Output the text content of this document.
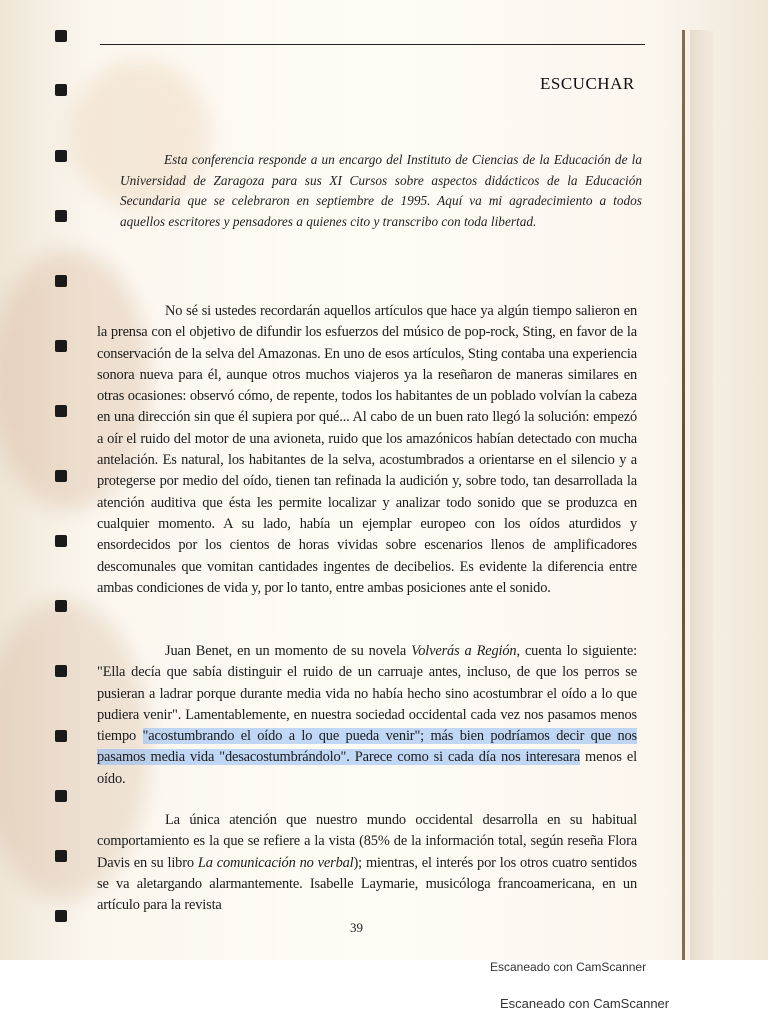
ESCUCHAR

Esta conferencia responde a un encargo del Instituto de Ciencias de la Educación de la Universidad de Zaragoza para sus XI Cursos sobre aspectos didácticos de la Educación Secundaria que se celebraron en septiembre de 1995. Aquí va mi agradecimiento a todos aquellos escritores y pensadores a quienes cito y transcribo con toda libertad.

No sé si ustedes recordarán aquellos artículos que hace ya algún tiempo salieron en la prensa con el objetivo de difundir los esfuerzos del músico de pop-rock, Sting, en favor de la conservación de la selva del Amazonas. En uno de esos artículos, Sting contaba una experiencia sonora nueva para él, aunque otros muchos viajeros ya la reseñaron de maneras similares en otras ocasiones: observó cómo, de repente, todos los habitantes de un poblado volvían la cabeza en una dirección sin que él supiera por qué... Al cabo de un buen rato llegó la solución: empezó a oír el ruido del motor de una avioneta, ruido que los amazónicos habían detectado con mucha antelación. Es natural, los habitantes de la selva, acostumbrados a orientarse en el silencio y a protegerse por medio del oído, tienen tan refinada la audición y, sobre todo, tan desarrollada la atención auditiva que ésta les permite localizar y analizar todo sonido que se produzca en cualquier momento. A su lado, había un ejemplar europeo con los oídos aturdidos y ensordecidos por los cientos de horas vividas sobre escenarios llenos de amplificadores descomunales que vomitan cantidades ingentes de decibelios. Es evidente la diferencia entre ambas condiciones de vida y, por lo tanto, entre ambas posiciones ante el sonido.

Juan Benet, en un momento de su novela Volverás a Región, cuenta lo siguiente: "Ella decía que sabía distinguir el ruido de un carruaje antes, incluso, de que los perros se pusieran a ladrar porque durante media vida no había hecho sino acostumbrar el oído a lo que pudiera venir". Lamentablemente, en nuestra sociedad occidental cada vez nos pasamos menos tiempo "acostumbrando el oído a lo que pueda venir"; más bien podríamos decir que nos pasamos media vida "desacostumbrándolo". Parece como si cada día nos interesara menos el oído.

La única atención que nuestro mundo occidental desarrolla en su habitual comportamiento es la que se refiere a la vista (85% de la información total, según reseña Flora Davis en su libro La comunicación no verbal); mientras, el interés por los otros cuatro sentidos se va aletargando alarmantemente. Isabelle Laymarie, musicóloga francoamericana, en un artículo para la revista

39
Escaneado con CamScanner
Escaneado con CamScanner
